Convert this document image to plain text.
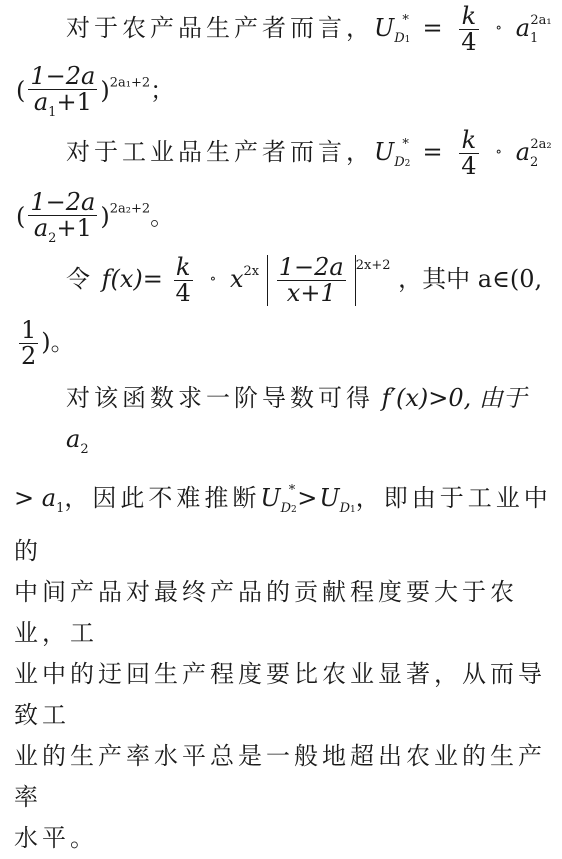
对于农产品生产者而言，$U_{D1}^* = \frac{k}{4}$ ∘ $a_1^{2a_1}$
( $\frac{1-2a}{a_1+1} )^{2a_1+2}$；
对于工业品生产者而言，$U_{D2}^* = \frac{k}{4}$ ∘ $a_2^{2a_2}$
( $\frac{1-2a}{a_2+1} )^{2a_2+2}$。
令 $f(x)= \frac{k}{4}$ ∘ $x^{2x} \frac{1-2a}{x+1} ^{2x+2}$ ，其中 a∈(0,
$\frac{1}{2}$ )。
对该函数求一阶导数可得 f′(x)>0, 由于 $a_2$
> $a_1$，因此不难推断$U_{D2}^*>U_{D1}$，即由于工业中的
中间产品对最终产品的贡献程度要大于农业，工
业中的迂回生产程度要比农业显著，从而导致工
业的生产率水平总是一般地超出农业的生产率
水平。
